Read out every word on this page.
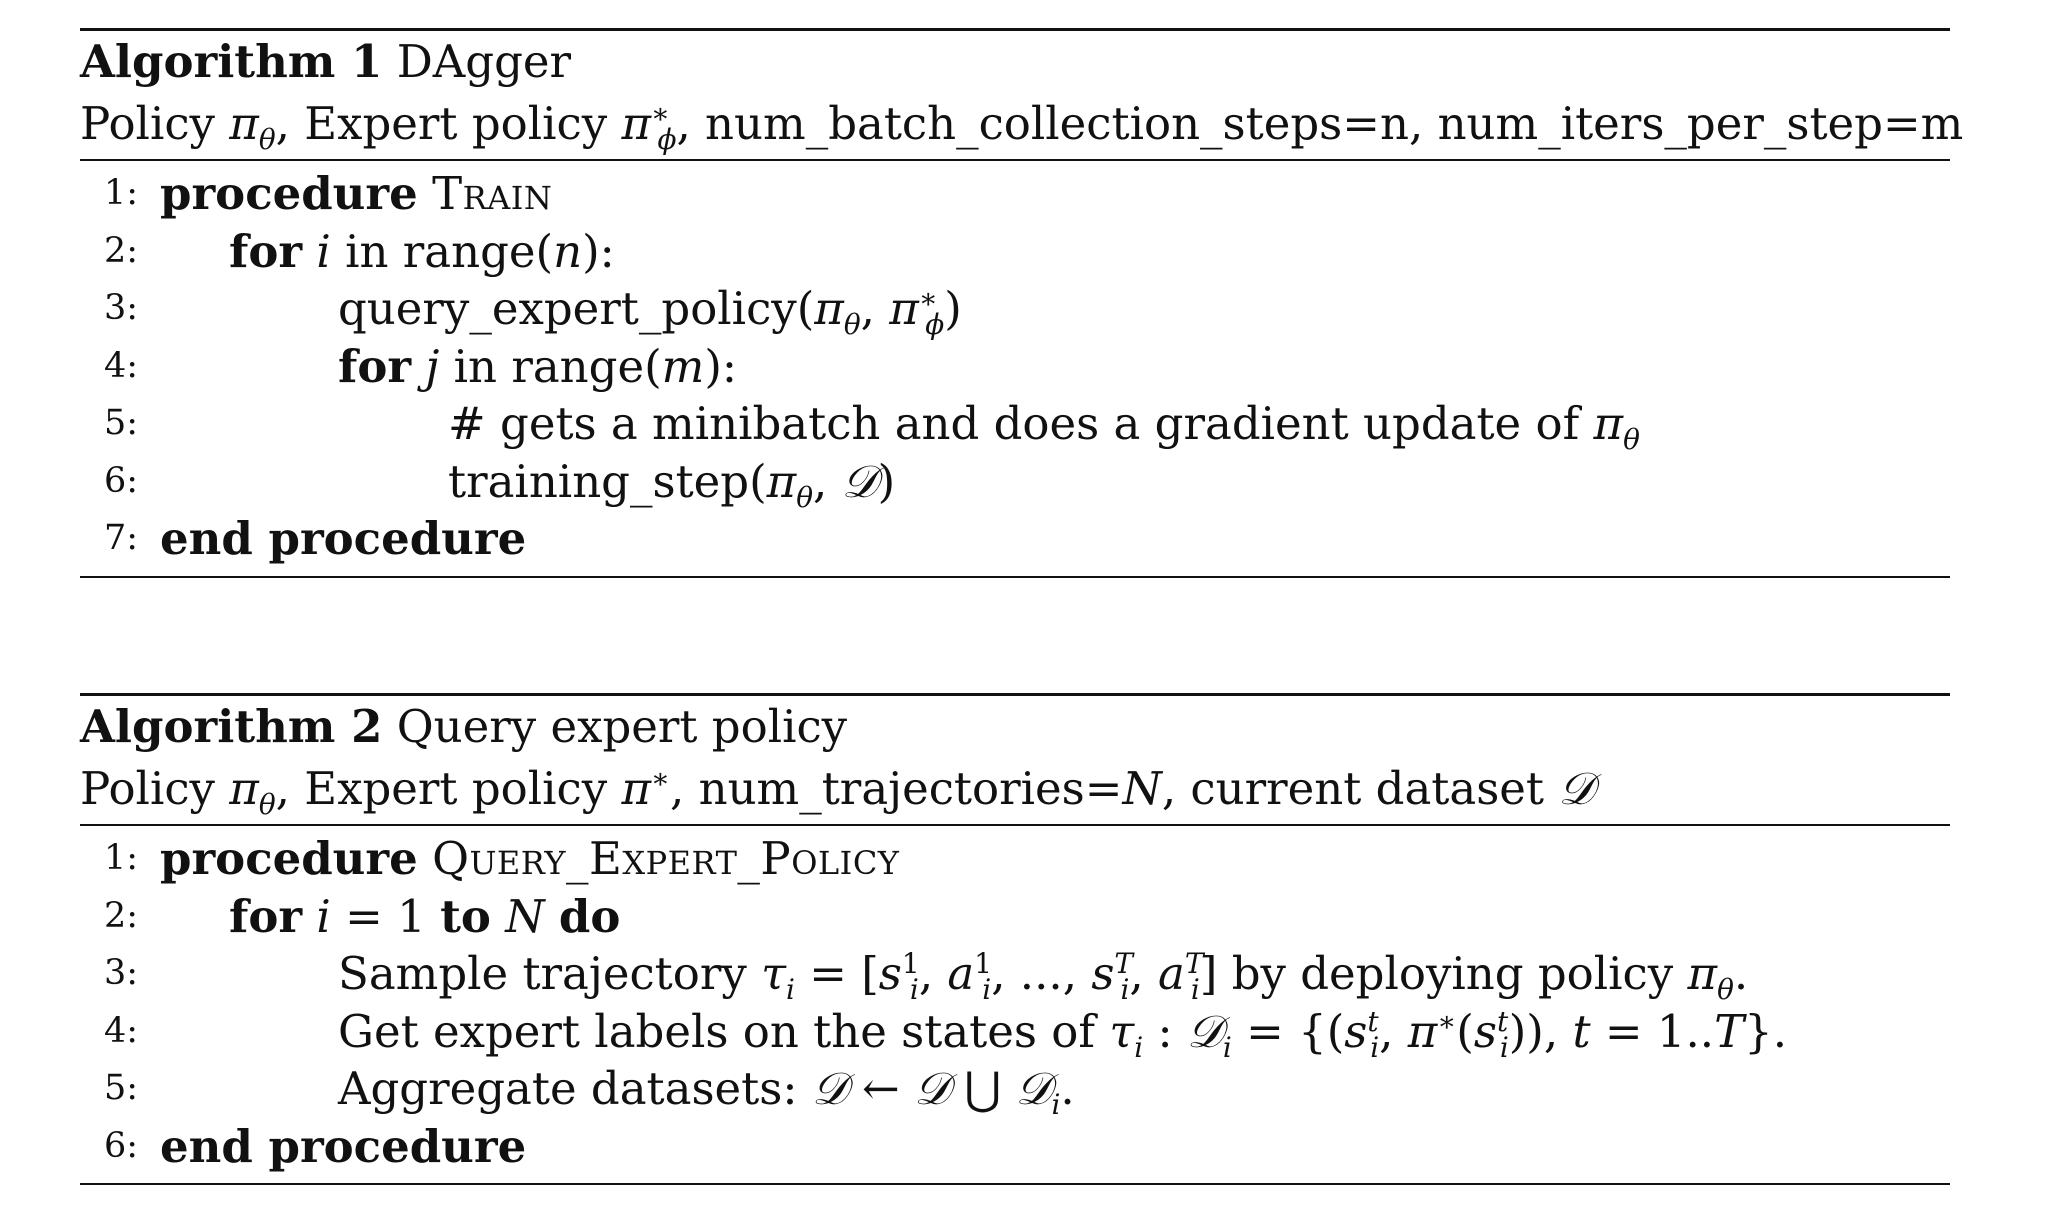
Algorithm 1 DAgger
Policy $\pi_\theta$, Expert policy $\pi^∗_\phi$, num_batch_collection_steps=n, num_iters_per_step=m
1: procedure Train
2:	for i in range(n):
3:	$query\_expert\_policy(\pi_\theta$, $\pi^∗_\phi$)
4:	for j in range(m):
5:	# gets a minibatch and does a gradient update of $\pi_\theta$
6:	$training\_step(\pi_\theta$, 𝒟)
7: end procedure
Algorithm 2 Query expert policy
Policy $\pi_\theta$, Expert policy π∗, num_trajectories=N, current dataset 𝒟
1: procedure Query_Expert_Policy
2:	for i = 1 to N do
3:	Sample trajectory $\tau_i = [s^1_i$, $a^1_i$, ..., $s^T_i$, $a^T_i$] by deploying policy $\pi_\theta$.
4:	Get expert labels on the states of $\tau_i$ : 𝒟$_i$ = {($s^t_i$, $\pi^∗(s^t_i)$), t = 1..T}.
5:	Aggregate datasets: 𝒟 ← 𝒟 ⋃ 𝒟$_i$.
6: end procedure
